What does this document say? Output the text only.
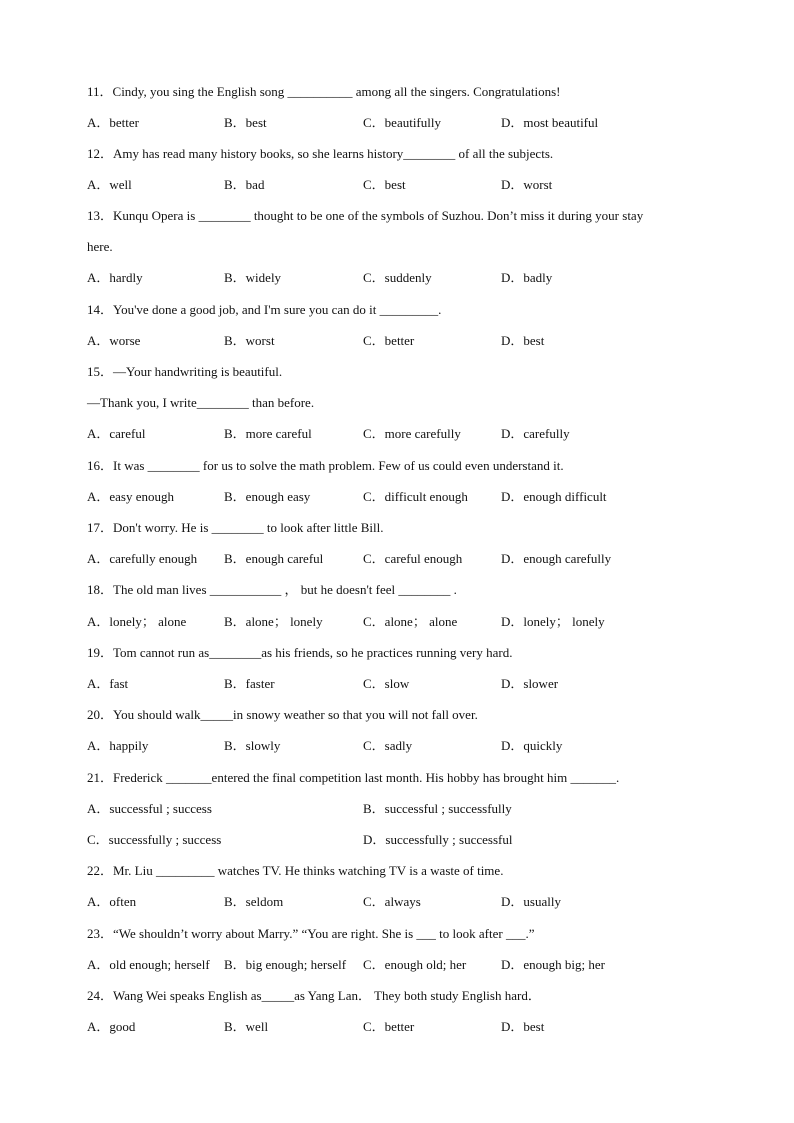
11．Cindy, you sing the English song __________ among all the singers. Congratulations!
A．better	B．best	C．beautifully	D．most beautiful
12．Amy has read many history books, so she learns history________ of all the subjects.
A．well	B．bad	C．best	D．worst
13．Kunqu Opera is ________ thought to be one of the symbols of Suzhou. Don’t miss it during your stay
here.
A．hardly	B．widely	C．suddenly	D．badly
14．You've done a good job, and I'm sure you can do it _________.
A．worse	B．worst	C．better	D．best
15．—Your handwriting is beautiful.
—Thank you, I write________ than before.
A．careful	B．more careful	C．more carefully	D．carefully
16．It was ________ for us to solve the math problem. Few of us could even understand it.
A．easy enough	B．enough easy	C．difficult enough	D．enough difficult
17．Don't worry. He is ________ to look after little Bill.
A．carefully enough B．enough careful	C．careful enough	D．enough carefully
18．The old man lives ___________ ， but he doesn't feel ________ .
A．lonely； alone	B．alone； lonely	C．alone； alone	D．lonely； lonely
19．Tom cannot run as________as his friends, so he practices running very hard.
A．fast	B．faster	C．slow	D．slower
20．You should walk_____in snowy weather so that you will not fall over.
A．happily	B．slowly	C．sadly	D．quickly
21．Frederick _______entered the final competition last month. His hobby has brought him _______.
A．successful ; success	B．successful ; successfully
C．successfully ; success	D．successfully ; successful
22．Mr. Liu _________ watches TV. He thinks watching TV is a waste of time.
A．often	B．seldom	C．always	D．usually
23．“We shouldn’t worry about Marry.” “You are right. She is ___ to look after ___.”
A．old enough; herself B．big enough; herself C．enough old; her	D．enough big; her
24．Wang Wei speaks English as_____as Yang Lan． They both study English hard．
A．good	B．well	C．better	D．best
